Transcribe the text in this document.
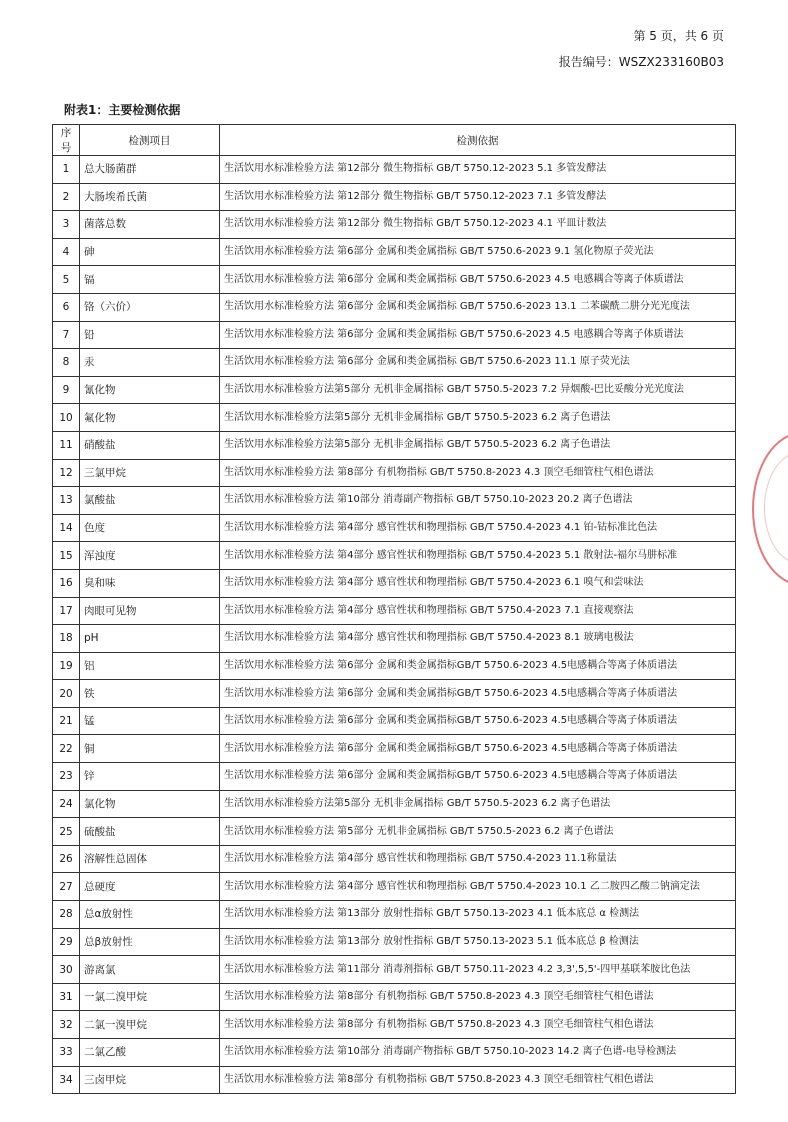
第 5 页，共 6 页
报告编号：WSZX233160B03
附表1：主要检测依据
序号	检测项目	检测依据
1	总大肠菌群	生活饮用水标准检验方法 第12部分 微生物指标 GB/T 5750.12-2023 5.1 多管发酵法
2	大肠埃希氏菌	生活饮用水标准检验方法 第12部分 微生物指标 GB/T 5750.12-2023 7.1 多管发酵法
3	菌落总数	生活饮用水标准检验方法 第12部分 微生物指标 GB/T 5750.12-2023 4.1 平皿计数法
4	砷	生活饮用水标准检验方法 第6部分 金属和类金属指标 GB/T 5750.6-2023 9.1 氢化物原子荧光法
5	镉	生活饮用水标准检验方法 第6部分 金属和类金属指标 GB/T 5750.6-2023 4.5 电感耦合等离子体质谱法
6	铬（六价）	生活饮用水标准检验方法 第6部分 金属和类金属指标 GB/T 5750.6-2023 13.1 二苯碳酰二肼分光光度法
7	铅	生活饮用水标准检验方法 第6部分 金属和类金属指标 GB/T 5750.6-2023 4.5 电感耦合等离子体质谱法
8	汞	生活饮用水标准检验方法 第6部分 金属和类金属指标 GB/T 5750.6-2023 11.1 原子荧光法
9	氰化物	生活饮用水标准检验方法第5部分 无机非金属指标 GB/T 5750.5-2023 7.2 异烟酸-巴比妥酸分光光度法
10	氟化物	生活饮用水标准检验方法第5部分 无机非金属指标 GB/T 5750.5-2023 6.2 离子色谱法
11	硝酸盐	生活饮用水标准检验方法第5部分 无机非金属指标 GB/T 5750.5-2023 6.2 离子色谱法
12	三氯甲烷	生活饮用水标准检验方法 第8部分 有机物指标 GB/T 5750.8-2023 4.3 顶空毛细管柱气相色谱法
13	氯酸盐	生活饮用水标准检验方法 第10部分 消毒副产物指标 GB/T 5750.10-2023 20.2 离子色谱法
14	色度	生活饮用水标准检验方法 第4部分 感官性状和物理指标 GB/T 5750.4-2023 4.1 铂-钴标准比色法
15	浑浊度	生活饮用水标准检验方法 第4部分 感官性状和物理指标 GB/T 5750.4-2023 5.1 散射法-福尔马肼标准
16	臭和味	生活饮用水标准检验方法 第4部分 感官性状和物理指标 GB/T 5750.4-2023 6.1 嗅气和尝味法
17	肉眼可见物	生活饮用水标准检验方法 第4部分 感官性状和物理指标 GB/T 5750.4-2023 7.1 直接观察法
18	pH	生活饮用水标准检验方法 第4部分 感官性状和物理指标 GB/T 5750.4-2023 8.1 玻璃电极法
19	铝	生活饮用水标准检验方法 第6部分 金属和类金属指标GB/T 5750.6-2023 4.5电感耦合等离子体质谱法
20	铁	生活饮用水标准检验方法 第6部分 金属和类金属指标GB/T 5750.6-2023 4.5电感耦合等离子体质谱法
21	锰	生活饮用水标准检验方法 第6部分 金属和类金属指标GB/T 5750.6-2023 4.5电感耦合等离子体质谱法
22	铜	生活饮用水标准检验方法 第6部分 金属和类金属指标GB/T 5750.6-2023 4.5电感耦合等离子体质谱法
23	锌	生活饮用水标准检验方法 第6部分 金属和类金属指标GB/T 5750.6-2023 4.5电感耦合等离子体质谱法
24	氯化物	生活饮用水标准检验方法第5部分 无机非金属指标 GB/T 5750.5-2023 6.2 离子色谱法
25	硫酸盐	生活饮用水标准检验方法 第5部分 无机非金属指标 GB/T 5750.5-2023 6.2 离子色谱法
26	溶解性总固体	生活饮用水标准检验方法 第4部分 感官性状和物理指标 GB/T 5750.4-2023 11.1称量法
27	总硬度	生活饮用水标准检验方法 第4部分 感官性状和物理指标 GB/T 5750.4-2023 10.1 乙二胺四乙酸二钠滴定法
28	总α放射性	生活饮用水标准检验方法 第13部分 放射性指标 GB/T 5750.13-2023 4.1 低本底总 α 检测法
29	总β放射性	生活饮用水标准检验方法 第13部分 放射性指标 GB/T 5750.13-2023 5.1 低本底总 β 检测法
30	游离氯	生活饮用水标准检验方法 第11部分 消毒剂指标 GB/T 5750.11-2023 4.2 3,3',5,5'-四甲基联苯胺比色法
31	一氯二溴甲烷	生活饮用水标准检验方法 第8部分 有机物指标 GB/T 5750.8-2023 4.3 顶空毛细管柱气相色谱法
32	二氯一溴甲烷	生活饮用水标准检验方法 第8部分 有机物指标 GB/T 5750.8-2023 4.3 顶空毛细管柱气相色谱法
33	二氯乙酸	生活饮用水标准检验方法 第10部分 消毒副产物指标 GB/T 5750.10-2023 14.2 离子色谱-电导检测法
34	三卤甲烷	生活饮用水标准检验方法 第8部分 有机物指标 GB/T 5750.8-2023 4.3 顶空毛细管柱气相色谱法
